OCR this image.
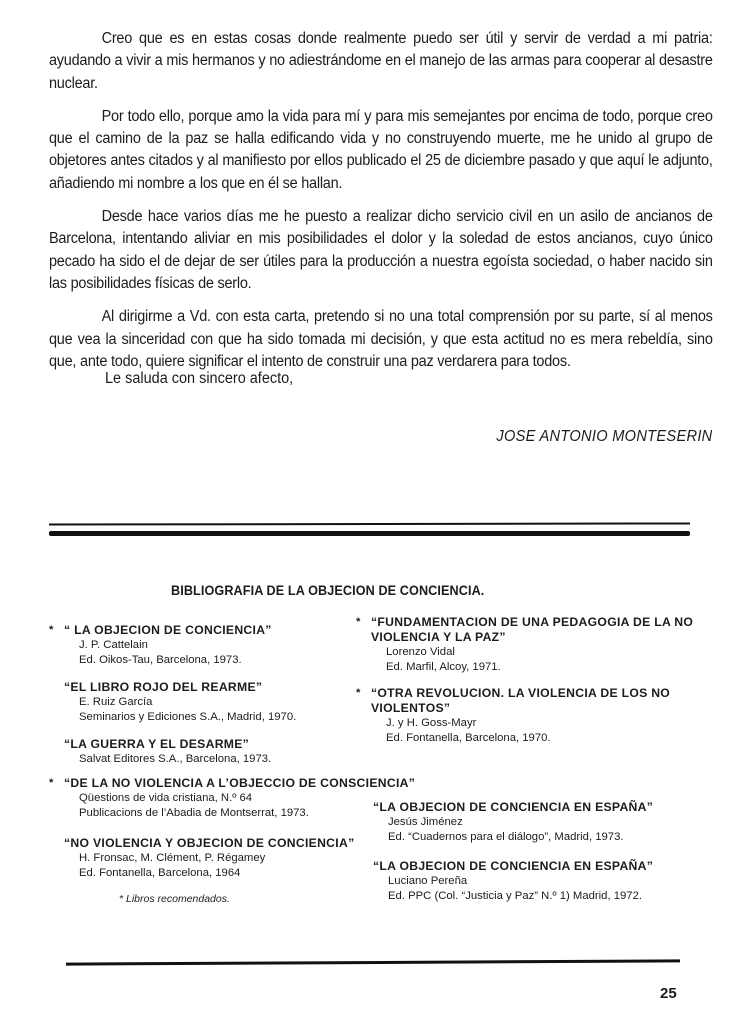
Creo que es en estas cosas donde realmente puedo ser útil y servir de verdad a mi patria: ayudando a vivir a mis hermanos y no adiestrándome en el manejo de las armas para cooperar al desastre nuclear.

Por todo ello, porque amo la vida para mí y para mis semejantes por encima de todo, porque creo que el camino de la paz se halla edificando vida y no construyendo muerte, me he unido al grupo de objetores antes citados y al manifiesto por ellos publicado el 25 de diciembre pasado y que aquí le adjunto, añadiendo mi nombre a los que en él se hallan.

Desde hace varios días me he puesto a realizar dicho servicio civil en un asilo de ancianos de Barcelona, intentando aliviar en mis posibilidades el dolor y la soledad de estos ancianos, cuyo único pecado ha sido el de dejar de ser útiles para la producción a nuestra egoísta sociedad, o haber nacido sin las posibilidades físicas de serlo.

Al dirigirme a Vd. con esta carta, pretendo si no una total comprensión por su parte, sí al menos que vea la sinceridad con que ha sido tomada mi decisión, y que esta actitud no es mera rebeldía, sino que, ante todo, quiere significar el intento de construir una paz verdarera para todos.

Le saluda con sincero afecto,

JOSE ANTONIO MONTESERIN
BIBLIOGRAFIA DE LA OBJECION DE CONCIENCIA.
* “ LA OBJECION DE CONCIENCIA”
J. P. Cattelain
Ed. Oikos-Tau, Barcelona, 1973.
“EL LIBRO ROJO DEL REARME”
E. Ruiz García
Seminarios y Ediciones S.A., Madrid, 1970.
“LA GUERRA Y EL DESARME”
Salvat Editores S.A., Barcelona, 1973.
* “DE LA NO VIOLENCIA A L’OBJECCIO DE CONSCIENCIA”
Qüestions de vida cristiana, N.º 64
Publicacions de l’Abadia de Montserrat, 1973.
“NO VIOLENCIA Y OBJECION DE CONCIENCIA”
H. Fronsac, M. Clément, P. Régamey
Ed. Fontanella, Barcelona, 1964
* Libros recomendados.
* “FUNDAMENTACION DE UNA PEDAGOGIA DE LA NO VIOLENCIA Y LA PAZ”
Lorenzo Vidal
Ed. Marfil, Alcoy, 1971.
* “OTRA REVOLUCION. LA VIOLENCIA DE LOS NO VIOLENTOS”
J. y H. Goss-Mayr
Ed. Fontanella, Barcelona, 1970.
“LA OBJECION DE CONCIENCIA EN ESPAÑA”
Jesús Jiménez
Ed. “Cuadernos para el diálogo”, Madrid, 1973.
“LA OBJECION DE CONCIENCIA EN ESPAÑA”
Luciano Pereña
Ed. PPC (Col. “Justicia y Paz” N.º 1) Madrid, 1972.
25
